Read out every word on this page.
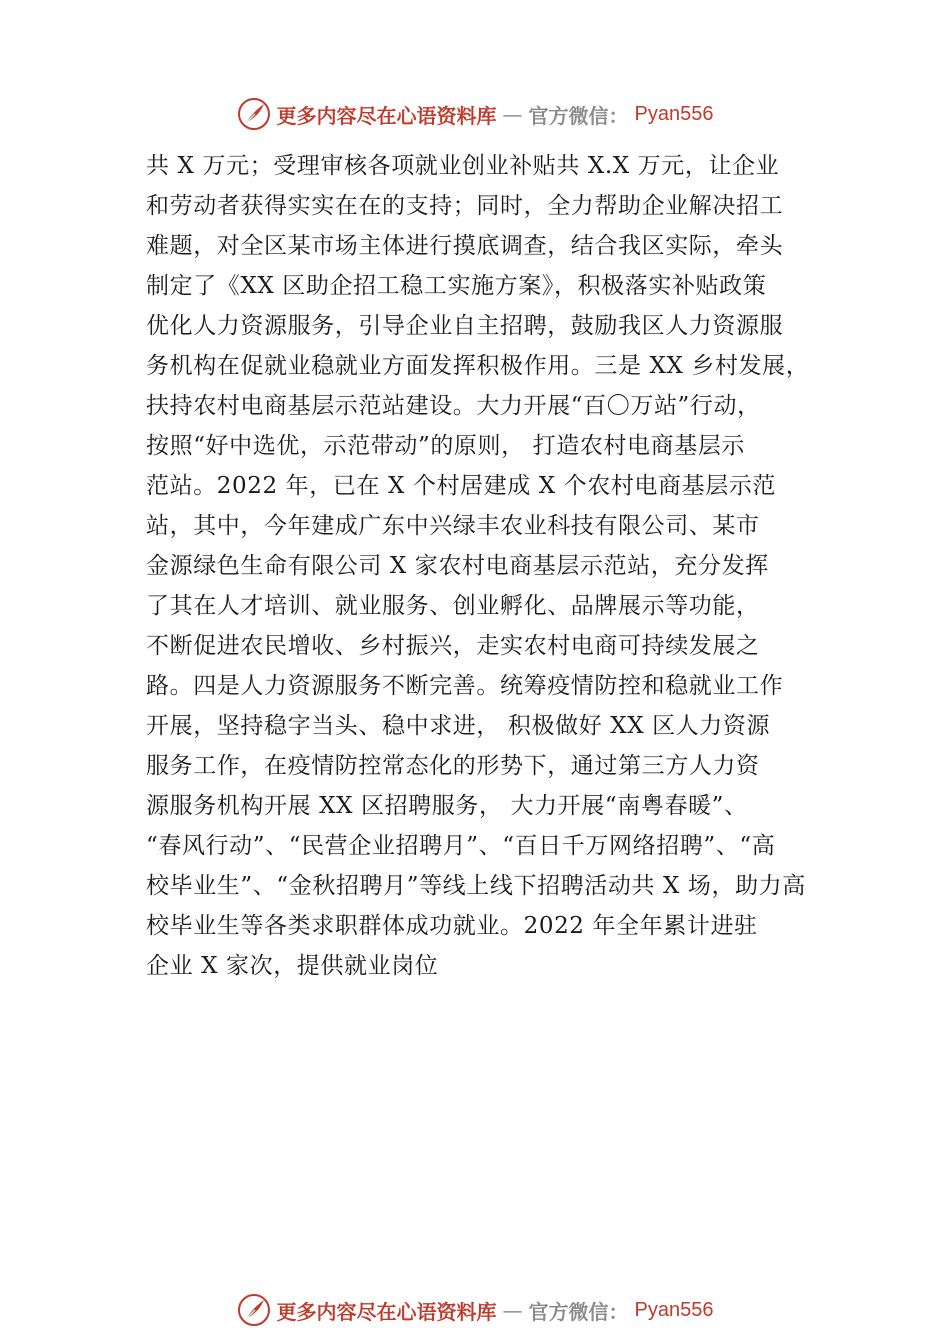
更多内容尽在心语资料库 — 官方微信： Pyan556
共 X 万元；受理审核各项就业创业补贴共 X.X 万元，让企业
和劳动者获得实实在在的支持；同时，全力帮助企业解决招工
难题，对全区某市场主体进行摸底调查，结合我区实际，牵头
制定了《XX 区助企招工稳工实施方案》，积极落实补贴政策
优化人力资源服务，引导企业自主招聘，鼓励我区人力资源服
务机构在促就业稳就业方面发挥积极作用。三是 XX 乡村发展，
扶持农村电商基层示范站建设。大力开展“百〇万站”行动，
按照“好中选优，示范带动”的原则， 打造农村电商基层示
范站。2022 年，已在 X 个村居建成 X 个农村电商基层示范
站，其中，今年建成广东中兴绿丰农业科技有限公司、某市
金源绿色生命有限公司 X 家农村电商基层示范站，充分发挥
了其在人才培训、就业服务、创业孵化、品牌展示等功能，
不断促进农民增收、乡村振兴，走实农村电商可持续发展之
路。四是人力资源服务不断完善。统筹疫情防控和稳就业工作
开展，坚持稳字当头、稳中求进， 积极做好 XX 区人力资源
服务工作，在疫情防控常态化的形势下，通过第三方人力资
源服务机构开展 XX 区招聘服务， 大力开展“南粤春暖”、
“春风行动”、“民营企业招聘月”、“百日千万网络招聘”、“高
校毕业生”、“金秋招聘月”等线上线下招聘活动共 X 场，助力高
校毕业生等各类求职群体成功就业。2022 年全年累计进驻
企业 X 家次，提供就业岗位
更多内容尽在心语资料库 — 官方微信： Pyan556
